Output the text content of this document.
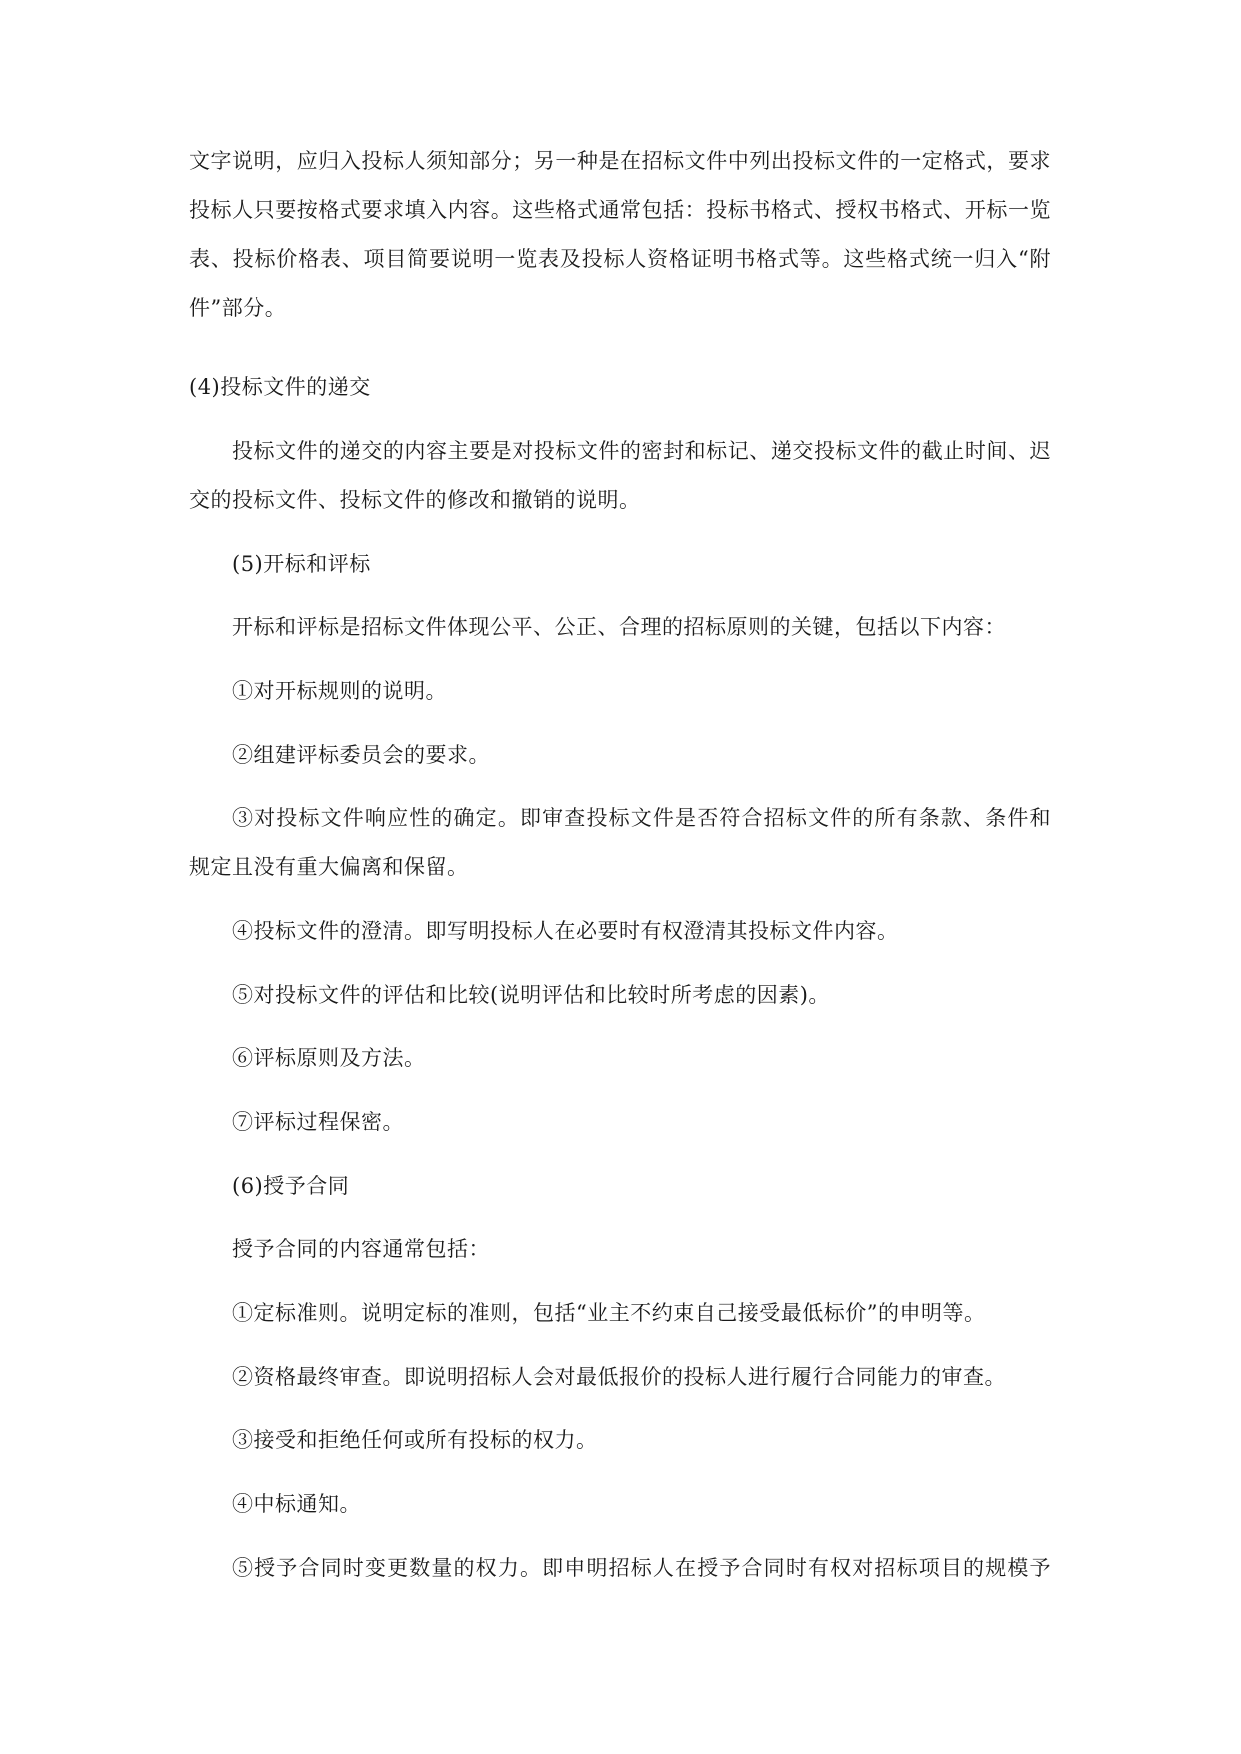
文字说明，应归入投标人须知部分；另一种是在招标文件中列出投标文件的一定格式，要求
投标人只要按格式要求填入内容。这些格式通常包括：投标书格式、授权书格式、开标一览
表、投标价格表、项目简要说明一览表及投标人资格证明书格式等。这些格式统一归入“附
件”部分。
(4)投标文件的递交
投标文件的递交的内容主要是对投标文件的密封和标记、递交投标文件的截止时间、迟
交的投标文件、投标文件的修改和撤销的说明。
(5)开标和评标
开标和评标是招标文件体现公平、公正、合理的招标原则的关键，包括以下内容：
①对开标规则的说明。
②组建评标委员会的要求。
③对投标文件响应性的确定。即审查投标文件是否符合招标文件的所有条款、条件和
规定且没有重大偏离和保留。
④投标文件的澄清。即写明投标人在必要时有权澄清其投标文件内容。
⑤对投标文件的评估和比较(说明评估和比较时所考虑的因素)。
⑥评标原则及方法。
⑦评标过程保密。
(6)授予合同
授予合同的内容通常包括：
①定标准则。说明定标的准则，包括“业主不约束自己接受最低标价”的申明等。
②资格最终审查。即说明招标人会对最低报价的投标人进行履行合同能力的审查。
③接受和拒绝任何或所有投标的权力。
④中标通知。
⑤授予合同时变更数量的权力。即申明招标人在授予合同时有权对招标项目的规模予
